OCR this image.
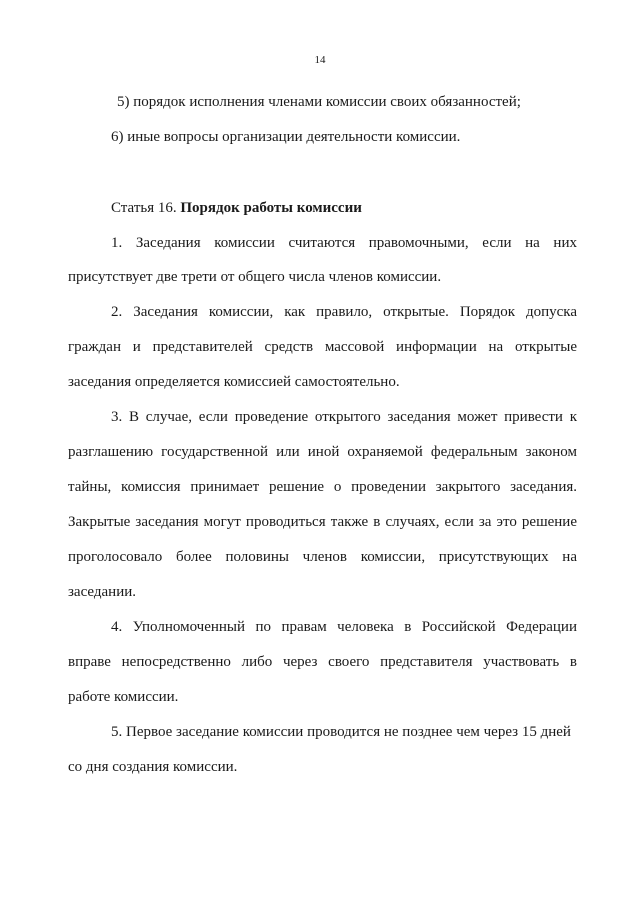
14
5) порядок исполнения членами комиссии своих обязанностей;
6) иные вопросы организации деятельности комиссии.
Статья 16. Порядок работы комиссии
1. Заседания комиссии считаются правомочными, если на них
присутствует две трети от общего числа членов комиссии.
2. Заседания комиссии, как правило, открытые. Порядок допуска
граждан и представителей средств массовой информации на открытые
заседания определяется комиссией самостоятельно.
3. В случае, если проведение открытого заседания может привести к
разглашению государственной или иной охраняемой федеральным законом
тайны, комиссия принимает решение о проведении закрытого заседания.
Закрытые заседания могут проводиться также в случаях, если за это решение
проголосовало более половины членов комиссии, присутствующих на
заседании.
4. Уполномоченный по правам человека в Российской Федерации
вправе непосредственно либо через своего представителя участвовать в
работе комиссии.
5. Первое заседание комиссии проводится не позднее чем через 15 дней
со дня создания комиссии.
